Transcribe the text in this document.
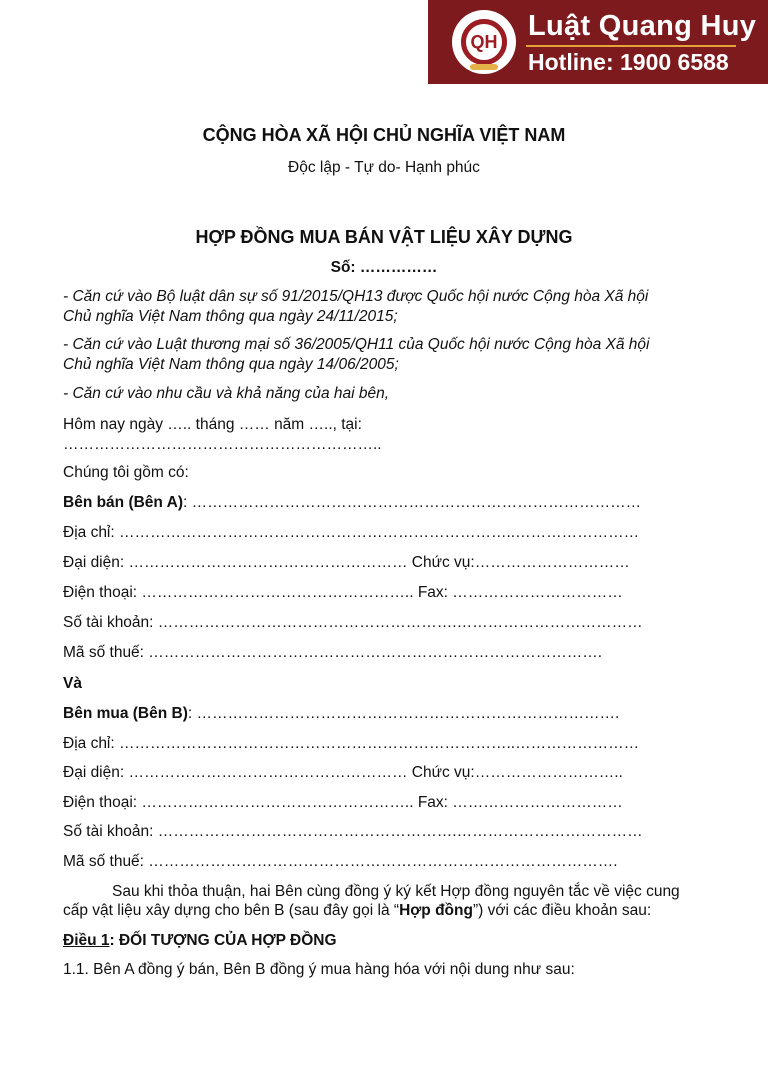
QH	Luật Quang Huy
Hotline: 1900 6588
CỘNG HÒA XÃ HỘI CHỦ NGHĨA VIỆT NAM
Độc lập - Tự do- Hạnh phúc
HỢP ĐỒNG MUA BÁN VẬT LIỆU XÂY DỰNG
Số: ……………
- Căn cứ vào Bộ luật dân sự số 91/2015/QH13 được Quốc hội nước Cộng hòa Xã hội
Chủ nghĩa Việt Nam thông qua ngày 24/11/2015;
- Căn cứ vào Luật thương mại số 36/2005/QH11 của Quốc hội nước Cộng hòa Xã hội
Chủ nghĩa Việt Nam thông qua ngày 14/06/2005;
- Căn cứ vào nhu cầu và khả năng của hai bên,
Hôm nay ngày ….. tháng …… năm ….., tại:
……………………………………………………..
Chúng tôi gồm có:
Bên bán (Bên A): ……………………………………………………………………………
Địa chỉ: …………………………………………………………………..……………………
Đại diện: ……………………………………………… Chức vụ:…………………………
Điện thoại: …………………………………………….. Fax: ……………………………
Số tài khoản: ………………………………………………….………………………………
Mã số thuế: …………………………………………………………………………….
Và
Bên mua (Bên B): ……………………………………………………………………….
Địa chỉ: …………………………………………………………………..……………………
Đại diện: ……………………………………………… Chức vụ:………………………..
Điện thoại: …………………………………………….. Fax: ……………………………
Số tài khoản: ………………………………………………….………………………………
Mã số thuế: ……………………………………………………………………………….
Sau khi thỏa thuận, hai Bên cùng đồng ý ký kết Hợp đồng nguyên tắc về việc cung
cấp vật liệu xây dựng cho bên B (sau đây gọi là “Hợp đồng”) với các điều khoản sau:
Điều 1: ĐỐI TƯỢNG CỦA HỢP ĐỒNG
1.1. Bên A đồng ý bán, Bên B đồng ý mua hàng hóa với nội dung như sau:
